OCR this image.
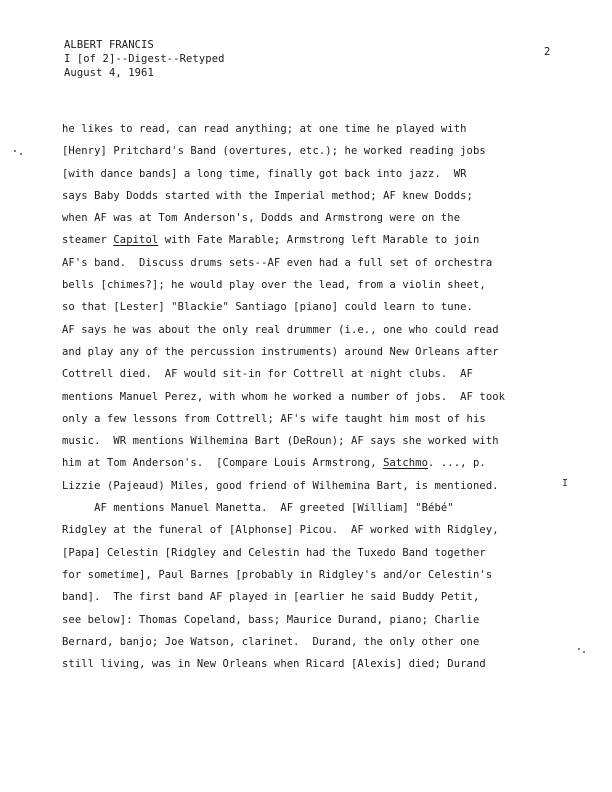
ALBERT FRANCIS
I [of 2]--Digest--Retyped
August 4, 1961
2
he likes to read, can read anything; at one time he played with
[Henry] Pritchard's Band (overtures, etc.); he worked reading jobs
[with dance bands] a long time, finally got back into jazz.  WR
says Baby Dodds started with the Imperial method; AF knew Dodds;
when AF was at Tom Anderson's, Dodds and Armstrong were on the
steamer Capitol with Fate Marable; Armstrong left Marable to join
AF's band.  Discuss drums sets--AF even had a full set of orchestra
bells [chimes?]; he would play over the lead, from a violin sheet,
so that [Lester] "Blackie" Santiago [piano] could learn to tune.
AF says he was about the only real drummer (i.e., one who could read
and play any of the percussion instruments) around New Orleans after
Cottrell died.  AF would sit-in for Cottrell at night clubs.  AF
mentions Manuel Perez, with whom he worked a number of jobs.  AF took
only a few lessons from Cottrell; AF's wife taught him most of his
music.  WR mentions Wilhemina Bart (DeRoun); AF says she worked with
him at Tom Anderson's.  [Compare Louis Armstrong, Satchmo. ..., p.
Lizzie (Pajeaud) Miles, good friend of Wilhemina Bart, is mentioned.
AF mentions Manuel Manetta.  AF greeted [William] "Bébé"
Ridgley at the funeral of [Alphonse] Picou.  AF worked with Ridgley,
[Papa] Celestin [Ridgley and Celestin had the Tuxedo Band together
for sometime], Paul Barnes [probably in Ridgley's and/or Celestin's
band].  The first band AF played in [earlier he said Buddy Petit,
see below]: Thomas Copeland, bass; Maurice Durand, piano; Charlie
Bernard, banjo; Joe Watson, clarinet.  Durand, the only other one
still living, was in New Orleans when Ricard [Alexis] died; Durand
I
